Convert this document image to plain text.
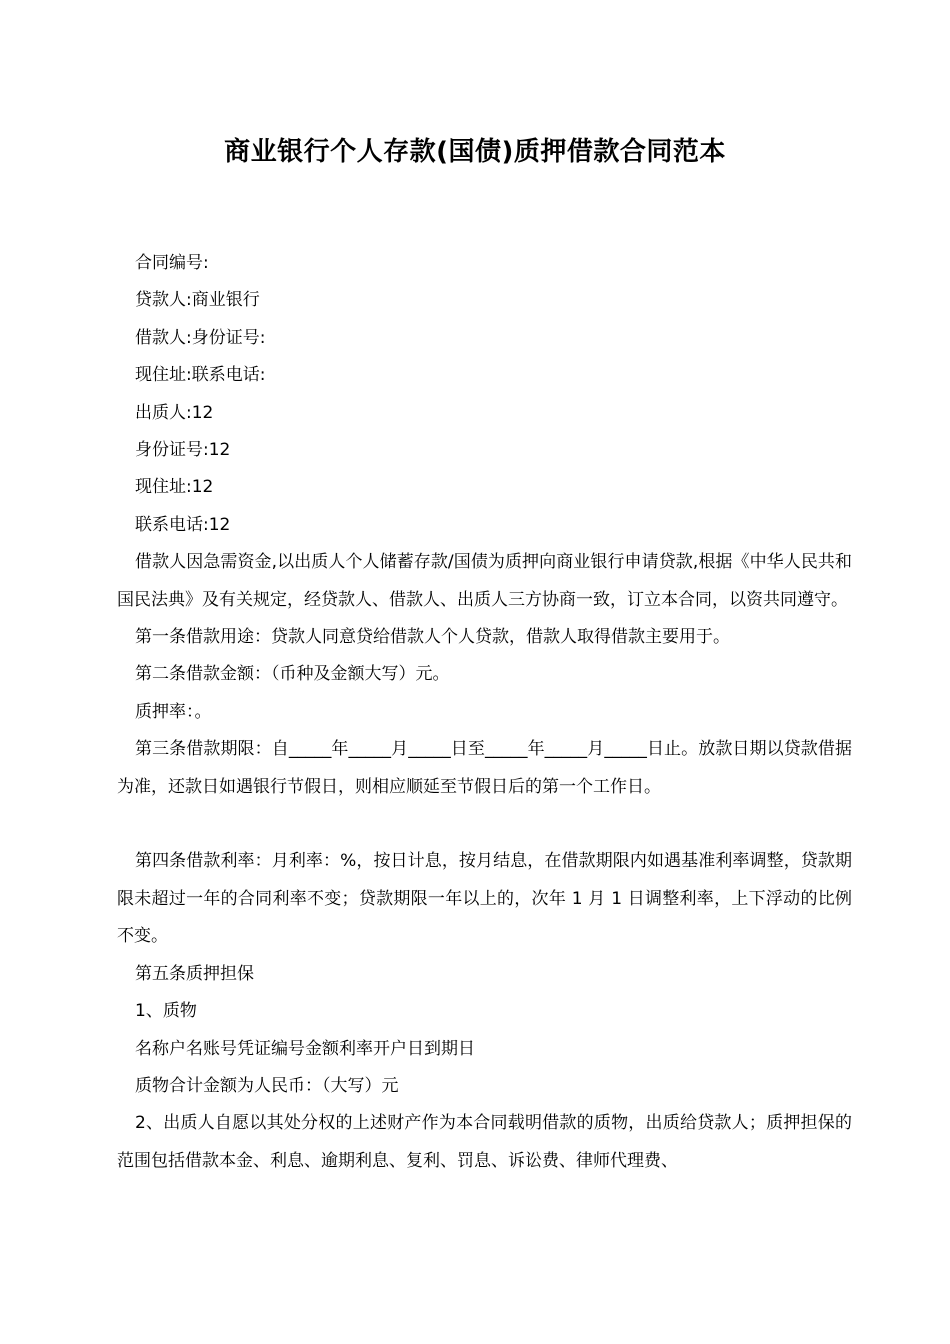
商业银行个人存款(国债)质押借款合同范本

合同编号:

贷款人:商业银行

借款人:身份证号:

现住址:联系电话:

出质人:12

身份证号:12

现住址:12

联系电话:12

借款人因急需资金,以出质人个人储蓄存款/国债为质押向商业银行申请贷款,根据《中华人民共和国民法典》及有关规定，经贷款人、借款人、出质人三方协商一致，订立本合同，以资共同遵守。

第一条借款用途：贷款人同意贷给借款人个人贷款，借款人取得借款主要用于。

第二条借款金额：（币种及金额大写）元。

质押率：。

第三条借款期限：自_____年_____月_____日至_____年_____月_____日止。放款日期以贷款借据为准，还款日如遇银行节假日，则相应顺延至节假日后的第一个工作日。

第四条借款利率：月利率：%，按日计息，按月结息，在借款期限内如遇基准利率调整，贷款期限未超过一年的合同利率不变；贷款期限一年以上的，次年 1 月 1 日调整利率，上下浮动的比例不变。

第五条质押担保

1、质物

名称户名账号凭证编号金额利率开户日到期日

质物合计金额为人民币：（大写）元

2、出质人自愿以其处分权的上述财产作为本合同载明借款的质物，出质给贷款人；质押担保的范围包括借款本金、利息、逾期利息、复利、罚息、诉讼费、律师代理费、
